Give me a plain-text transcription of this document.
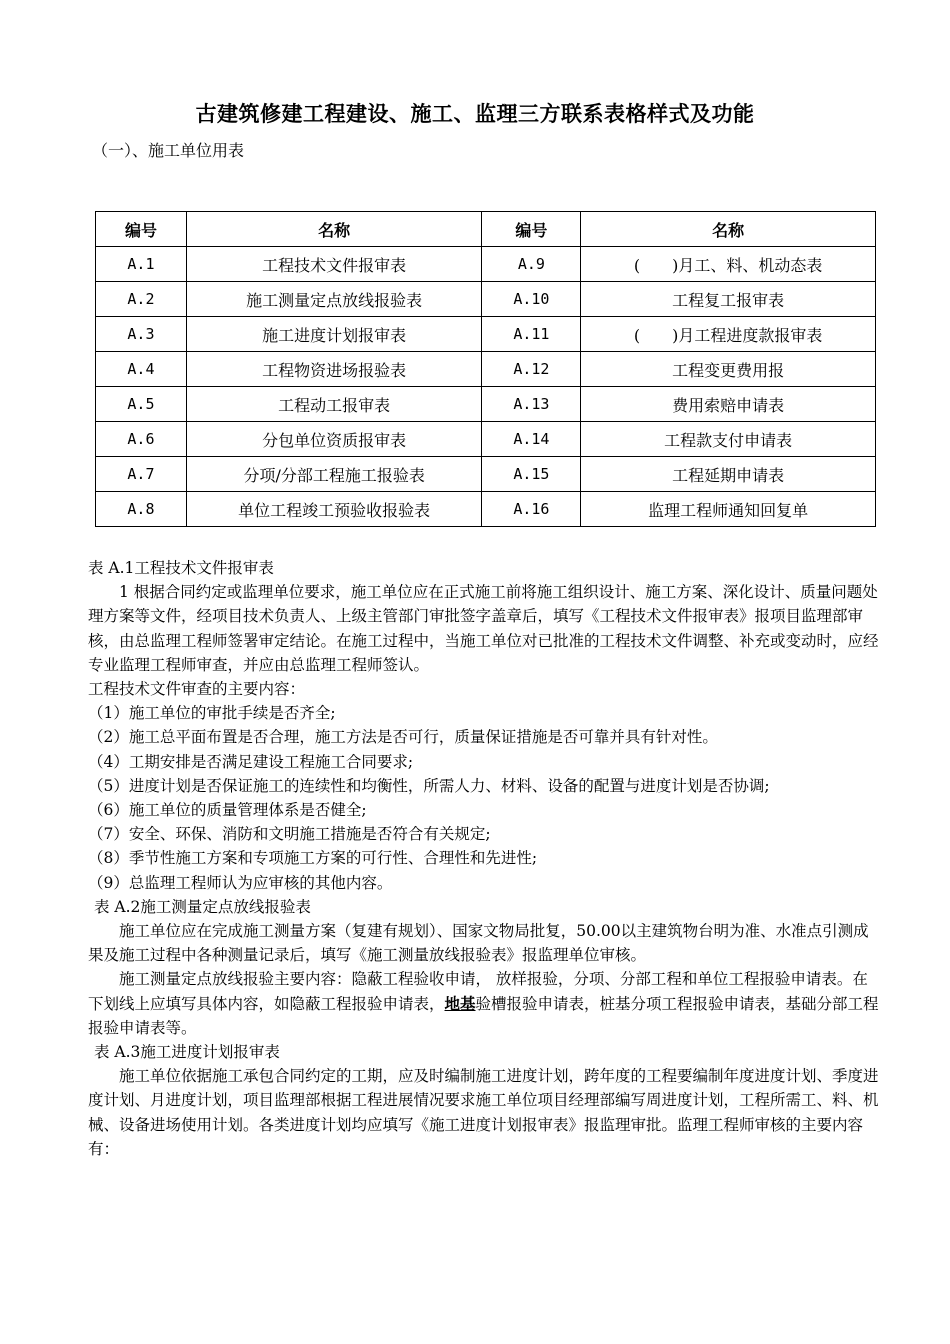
古建筑修建工程建设、施工、监理三方联系表格样式及功能
（一）、施工单位用表
编号	名称	编号	名称
A.1	工程技术文件报审表	A.9	(　　)月工、料、机动态表
A.2	施工测量定点放线报验表	A.10	工程复工报审表
A.3	施工进度计划报审表	A.11	(　　)月工程进度款报审表
A.4	工程物资进场报验表	A.12	工程变更费用报
A.5	工程动工报审表	A.13	费用索赔申请表
A.6	分包单位资质报审表	A.14	工程款支付申请表
A.7	分项/分部工程施工报验表	A.15	工程延期申请表
A.8	单位工程竣工预验收报验表	A.16	监理工程师通知回复单

表 A.1工程技术文件报审表

1 根据合同约定或监理单位要求，施工单位应在正式施工前将施工组织设计、施工方案、深化设计、质量问题处理方案等文件，经项目技术负责人、上级主管部门审批签字盖章后，填写《工程技术文件报审表》报项目监理部审核，由总监理工程师签署审定结论。在施工过程中，当施工单位对已批准的工程技术文件调整、补充或变动时，应经专业监理工程师审查，并应由总监理工程师签认。

工程技术文件审查的主要内容：

（1）施工单位的审批手续是否齐全;

（2）施工总平面布置是否合理，施工方法是否可行，质量保证措施是否可靠并具有针对性。

（4）工期安排是否满足建设工程施工合同要求;

（5）进度计划是否保证施工的连续性和均衡性，所需人力、材料、设备的配置与进度计划是否协调;

（6）施工单位的质量管理体系是否健全;

（7）安全、环保、消防和文明施工措施是否符合有关规定;

（8）季节性施工方案和专项施工方案的可行性、合理性和先进性;

（9）总监理工程师认为应审核的其他内容。

表 A.2施工测量定点放线报验表

施工单位应在完成施工测量方案（复建有规划）、国家文物局批复，50.00以主建筑物台明为准、水准点引测成果及施工过程中各种测量记录后，填写《施工测量放线报验表》报监理单位审核。

施工测量定点放线报验主要内容：隐蔽工程验收申请， 放样报验，分项、分部工程和单位工程报验申请表。在下划线上应填写具体内容，如隐蔽工程报验申请表，地基验槽报验申请表，桩基分项工程报验申请表，基础分部工程报验申请表等。

表 A.3施工进度计划报审表

施工单位依据施工承包合同约定的工期，应及时编制施工进度计划，跨年度的工程要编制年度进度计划、季度进度计划、月进度计划，项目监理部根据工程进展情况要求施工单位项目经理部编写周进度计划，工程所需工、料、机械、设备进场使用计划。各类进度计划均应填写《施工进度计划报审表》报监理审批。监理工程师审核的主要内容有：
